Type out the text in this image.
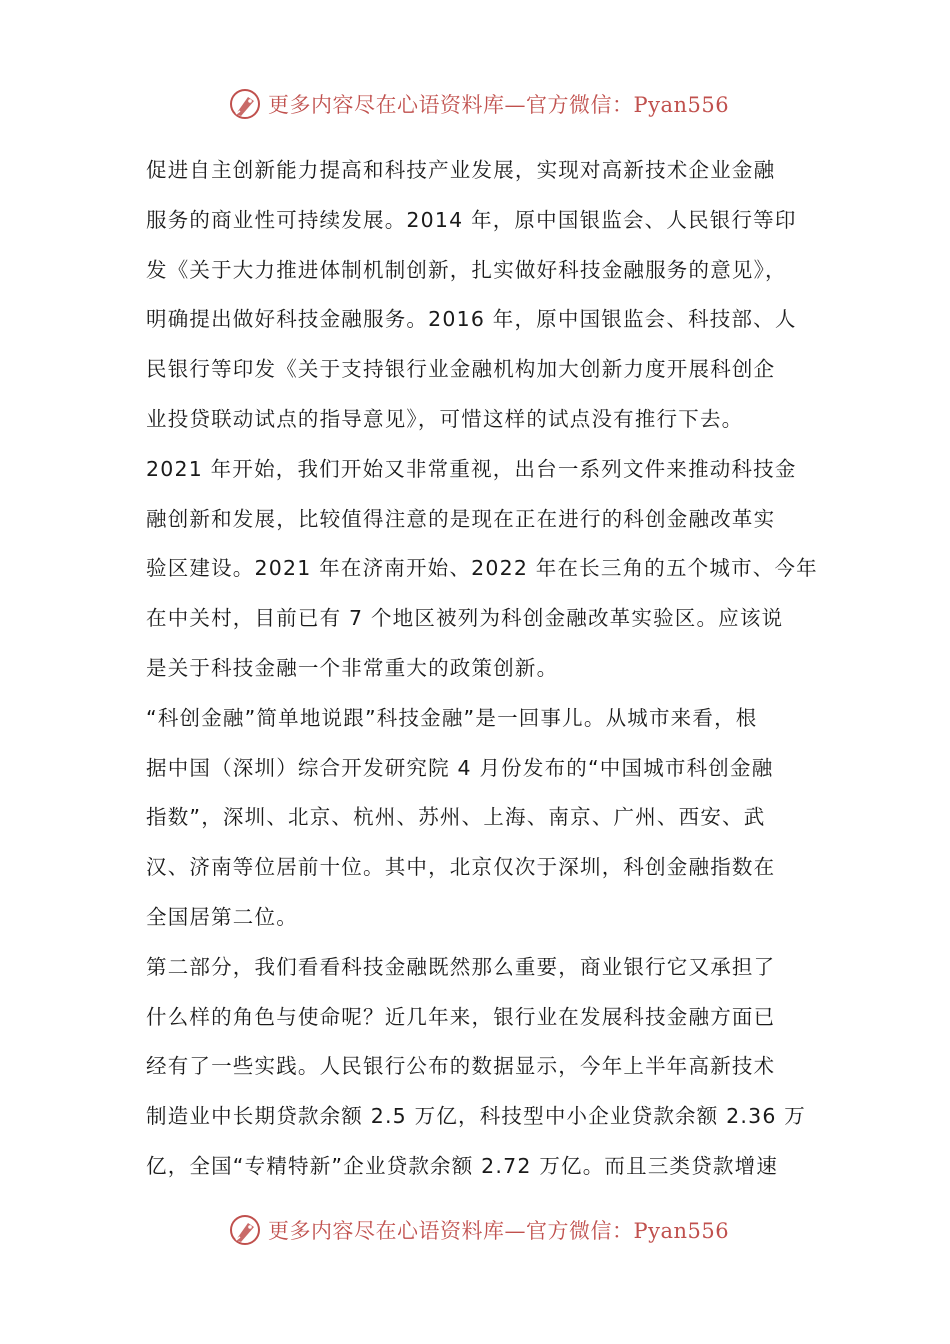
更多内容尽在心语资料库—官方微信：Pyan556
促进自主创新能力提高和科技产业发展，实现对高新技术企业金融
服务的商业性可持续发展。2014 年，原中国银监会、人民银行等印
发《关于大力推进体制机制创新，扎实做好科技金融服务的意见》，
明确提出做好科技金融服务。2016 年，原中国银监会、科技部、人
民银行等印发《关于支持银行业金融机构加大创新力度开展科创企
业投贷联动试点的指导意见》，可惜这样的试点没有推行下去。
2021 年开始，我们开始又非常重视，出台一系列文件来推动科技金
融创新和发展，比较值得注意的是现在正在进行的科创金融改革实
验区建设。2021 年在济南开始、2022 年在长三角的五个城市、今年
在中关村，目前已有 7 个地区被列为科创金融改革实验区。应该说
是关于科技金融一个非常重大的政策创新。
“科创金融”简单地说跟”科技金融”是一回事儿。从城市来看，根
据中国（深圳）综合开发研究院 4 月份发布的“中国城市科创金融
指数”，深圳、北京、杭州、苏州、上海、南京、广州、西安、武
汉、济南等位居前十位。其中，北京仅次于深圳，科创金融指数在
全国居第二位。
第二部分，我们看看科技金融既然那么重要，商业银行它又承担了
什么样的角色与使命呢？近几年来，银行业在发展科技金融方面已
经有了一些实践。人民银行公布的数据显示，今年上半年高新技术
制造业中长期贷款余额 2.5 万亿，科技型中小企业贷款余额 2.36 万
亿，全国“专精特新”企业贷款余额 2.72 万亿。而且三类贷款增速
更多内容尽在心语资料库—官方微信：Pyan556
